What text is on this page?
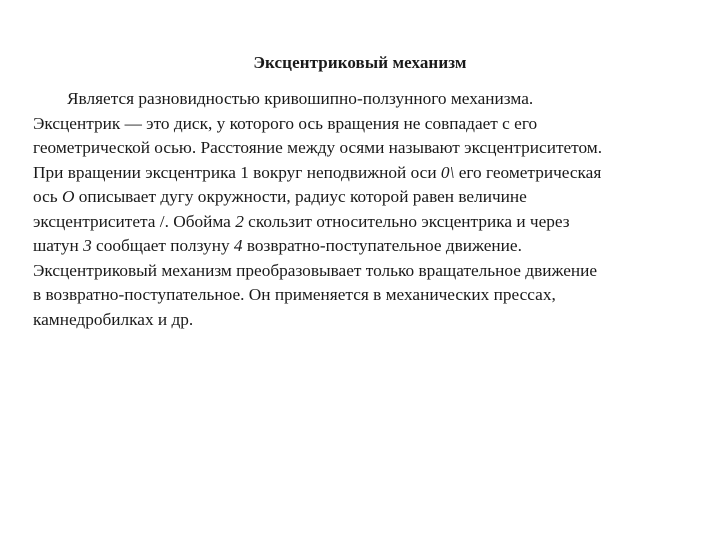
Эксцентриковый механизм
Является разновидностью кривошипно-ползунного механизма.
Эксцентрик — это диск, у которого ось вращения не совпадает с его
геометрической осью. Расстояние между осями называют эксцентриситетом.
При вращении эксцентрика 1 вокруг неподвижной оси 0\ его геометрическая
ось O описывает дугу окружности, радиус которой равен величине
эксцентриситета /. Обойма 2 скользит относительно эксцентрика и через
шатун 3 сообщает ползуну 4 возвратно-поступательное движение.
Эксцентриковый механизм преобразовывает только вращательное движение
в возвратно-поступательное. Он применяется в механических прессах,
камнедробилках и др.
